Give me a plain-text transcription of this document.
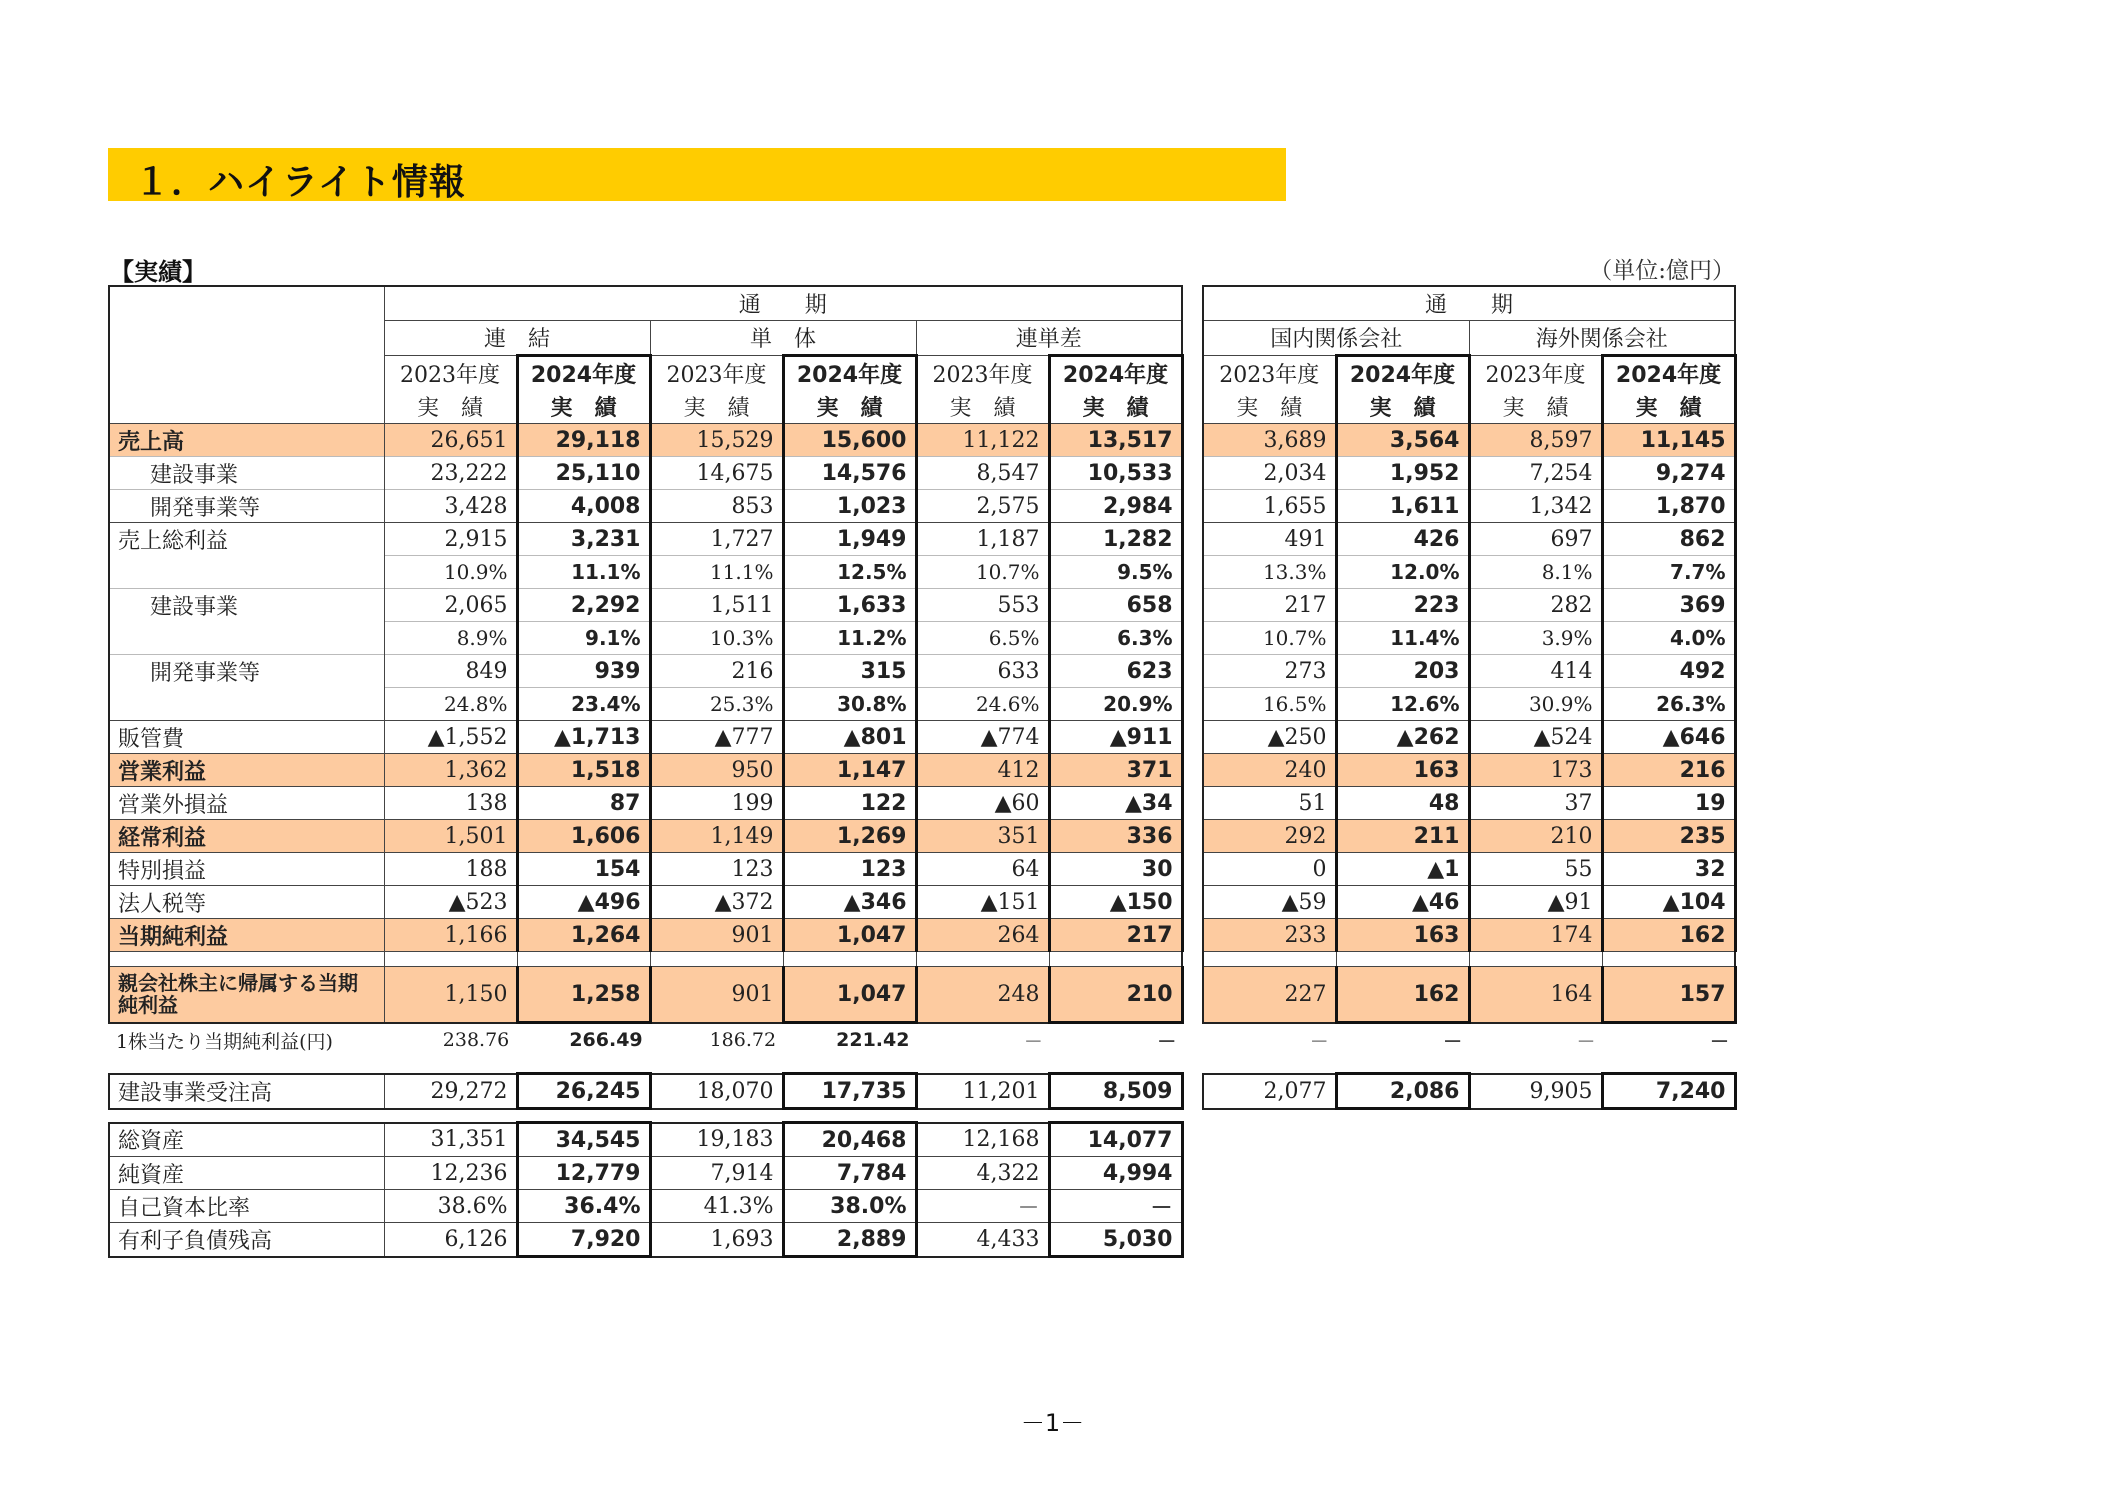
１．ハイライト情報
【実績】	（単位:億円）
	通　　期					
	連　結		単　体		連単差	
	2023年度	2024年度	2023年度	2024年度	2023年度	2024年度
	実　績	実　績	実　績	実　績	実　績	実　績
売上高	26,651	29,118	15,529	15,600	11,122	13,517
建設事業	23,222	25,110	14,675	14,576	8,547	10,533
開発事業等	3,428	4,008	853	1,023	2,575	2,984
売上総利益	2,915	3,231	1,727	1,949	1,187	1,282
	10.9%	11.1%	11.1%	12.5%	10.7%	9.5%
建設事業	2,065	2,292	1,511	1,633	553	658
	8.9%	9.1%	10.3%	11.2%	6.5%	6.3%
開発事業等	849	939	216	315	633	623
	24.8%	23.4%	25.3%	30.8%	24.6%	20.9%
販管費	▲1,552	▲1,713	▲777	▲801	▲774	▲911
営業利益	1,362	1,518	950	1,147	412	371
営業外損益	138	87	199	122	▲60	▲34
経常利益	1,501	1,606	1,149	1,269	351	336
特別損益	188	154	123	123	64	30
法人税等	▲523	▲496	▲372	▲346	▲151	▲150
当期純利益	1,166	1,264	901	1,047	264	217

親会社株主に帰属する当期純利益	1,150	1,258	901	1,047	248	210
通　　期			
国内関係会社		海外関係会社	
2023年度	2024年度	2023年度	2024年度
実　績	実　績	実　績	実　績
3,689	3,564	8,597	11,145
2,034	1,952	7,254	9,274
1,655	1,611	1,342	1,870
491	426	697	862
13.3%	12.0%	8.1%	7.7%
217	223	282	369
10.7%	11.4%	3.9%	4.0%
273	203	414	492
16.5%	12.6%	30.9%	26.3%
▲250	▲262	▲524	▲646
240	163	173	216
51	48	37	19
292	211	210	235
0	▲1	55	32
▲59	▲46	▲91	▲104
233	163	174	162

227	162	164	157
1株当たり当期純利益(円)	238.76	266.49	186.72	221.42	－	－		－	－	－	－
建設事業受注高	29,272	26,245	18,070	17,735	11,201	8,509	2,077	2,086	9,905	7,240
総資産	31,351	34,545	19,183	20,468	12,168	14,077
純資産	12,236	12,779	7,914	7,784	4,322	4,994
自己資本比率	38.6%	36.4%	41.3%	38.0%	－	－
有利子負債残高	6,126	7,920	1,693	2,889	4,433	5,030
－1－
